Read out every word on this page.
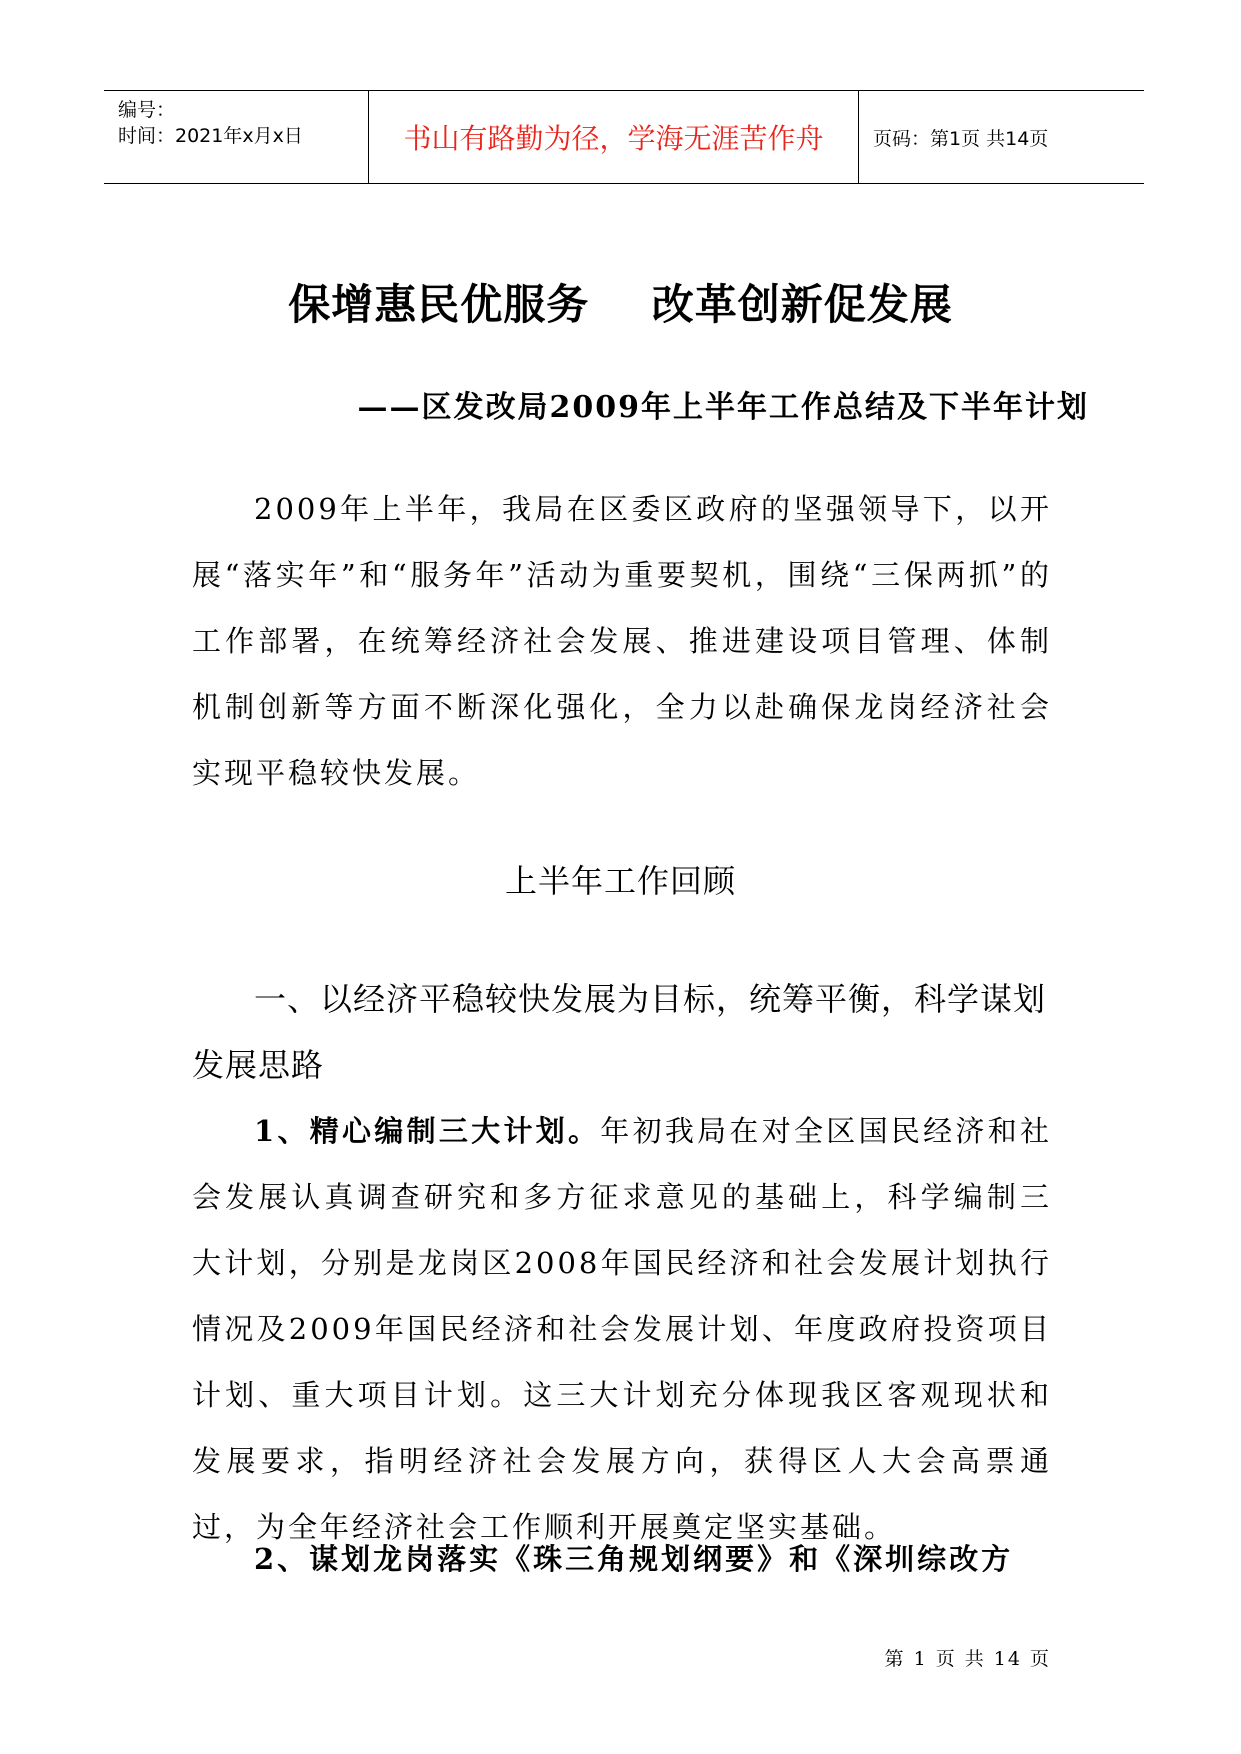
编号：
时间：2021年x月x日	书山有路勤为径，学海无涯苦作舟	页码：第1页 共14页
保增惠民优服务    改革创新促发展
——区发改局2009年上半年工作总结及下半年计划
2009年上半年，我局在区委区政府的坚强领导下，以开展“落实年”和“服务年”活动为重要契机，围绕“三保两抓”的工作部署，在统筹经济社会发展、推进建设项目管理、体制机制创新等方面不断深化强化，全力以赴确保龙岗经济社会实现平稳较快发展。
上半年工作回顾
一、以经济平稳较快发展为目标，统筹平衡，科学谋划发展思路
1、精心编制三大计划。年初我局在对全区国民经济和社会发展认真调查研究和多方征求意见的基础上，科学编制三大计划，分别是龙岗区2008年国民经济和社会发展计划执行情况及2009年国民经济和社会发展计划、年度政府投资项目计划、重大项目计划。这三大计划充分体现我区客观现状和发展要求，指明经济社会发展方向，获得区人大会高票通过，为全年经济社会工作顺利开展奠定坚实基础。
2、谋划龙岗落实《珠三角规划纲要》和《深圳综改方
第 1 页 共 14 页
